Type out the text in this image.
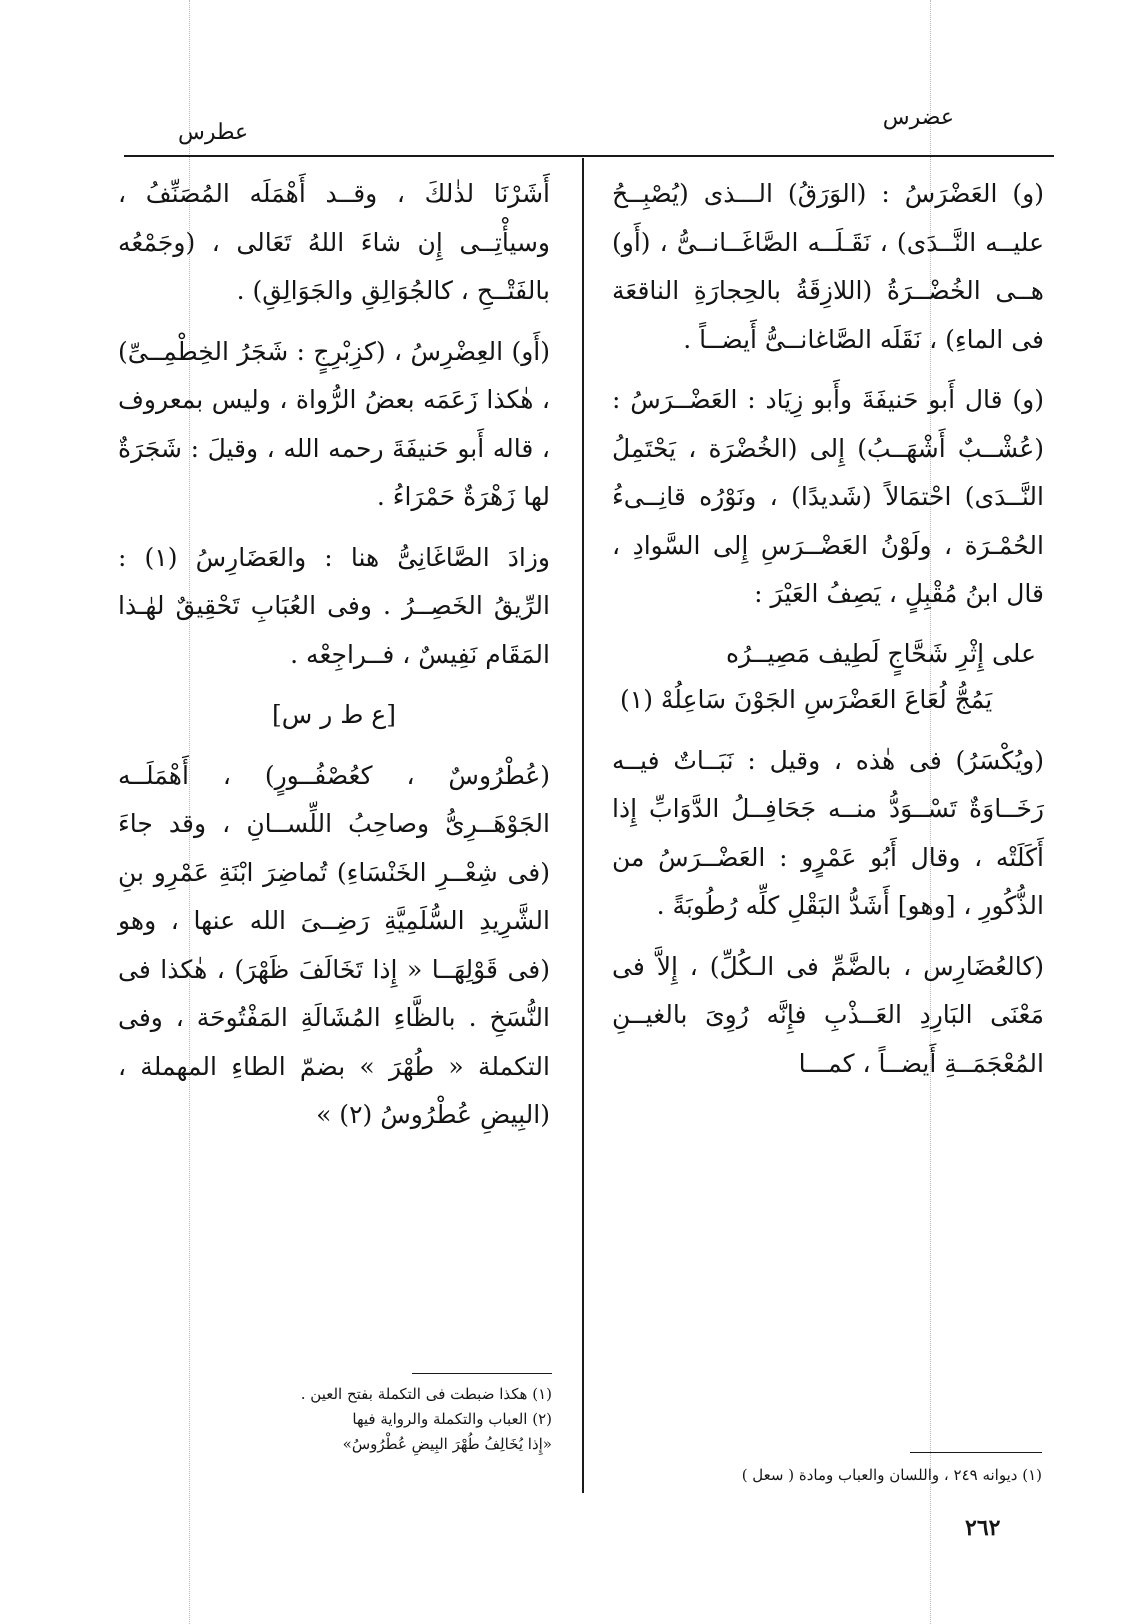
عضرس
عطرس

(و) العَضْرَسُ : (الوَرَقُ) الـــذى (يُصْبِــحُ عليــه النَّــدَى) ، نَقَـلَــه الصَّاغَــانــىُّ ، (أَو) هــى الخُضْــرَةُ (اللازِقَةُ بالحِجارَةِ الناقعَة فى الماءِ) ، نَقَلَه الصَّاغانــىُّ أَيضــاً .

(و) قال أَبو حَنيفَةَ وأَبو زِيَاد : العَضْــرَسُ : (عُشْــبٌ أَشْهَــبُ) إِلى (الخُضْرَة ، يَحْتَمِلُ النَّــدَى) احْتمَالاً (شَديدًا) ، ونَوْرُه قانِــىءُ الحُمْـرَة ، ولَوْنُ العَضْــرَسِ إِلى السَّوادِ ، قال ابنُ مُقْبِلٍ ، يَصِفُ العَيْرَ :

على إِثْرِ شَحَّاجٍ لَطِيف مَصِيــرُه

يَمُجُّ لُعَاعَ العَضْرَسِ الجَوْنَ سَاعِلُهْ (١)

(ويُكْسَرُ) فى هٰذه ، وقيل : نَبَــاتٌ فيــه رَخَــاوَةٌ تَسْــوَدُّ منــه جَحَافِــلُ الدَّوَابِّ إِذا أَكَلَتْه ، وقال أَبُو عَمْرٍو : العَضْــرَسُ من الذُّكُورِ ، [وهو] أَشَدُّ البَقْلِ كلِّه رُطُوبَةً .

(كالعُضَارِس ، بالضَّمِّ فى الـكُلِّ) ، إِلاَّ فى مَعْنَى البَارِدِ العَــذْبِ فإِنَّه رُوِىَ بالغيــنِ المُعْجَمَــةِ أَيضــاً ، كمـــا

(١) ديوانه ٢٤٩ ، واللسان والعباب ومادة ( سعل )

أَشَرْنَا لذٰلكَ ، وقــد أَهْمَلَه المُصَنِّفُ ، وسيأْتِــى إِن شاءَ اللهُ تَعَالى ، (وجَمْعُه بالفَتْــحِ ، كالجُوَالِقِ والجَوَالِقِ) .

(أَو) العِضْرِسُ ، (كزِبْرِجٍ : شَجَرُ الخِطْمِــىِّ) ، هٰكذا زَعَمَه بعضُ الرُّواة ، وليس بمعروف ، قاله أَبو حَنيفَةَ رحمه الله ، وقيلَ : شَجَرَةٌ لها زَهْرَةٌ حَمْرَاءُ .

وزادَ الصَّاغَانِىُّ هنا : والعَضَارِسُ (١) : الرِّيقُ الخَصِــرُ . وفى العُبَابِ تَحْقِيقٌ لهٰـذا المَقَام نَفِيسٌ ، فــراجِعْه .

[ع ط ر س]

(عُطْرُوسٌ ، كعُصْفُــورٍ) ، أَهْمَلَــه الجَوْهَــرِىُّ وصاحِبُ اللِّســانِ ، وقد جاءَ (فى شِعْــرِ الخَنْسَاءِ) تُماضِرَ ابْنَةِ عَمْرِو بنِ الشَّرِيدِ السُّلَمِيَّةِ رَضِــىَ الله عنها ، وهو (فى قَوْلِهَــا « إِذا تَخَالَفَ ظَهْرَ) ، هٰكذا فى النُّسَخِ . بالظَّاءِ المُشَالَةِ المَفْتُوحَة ، وفى التكملة « طُهْرَ » بضمّ الطاءِ المهملة ، (البِيضِ عُطْرُوسُ (٢) »

(١) هكذا ضبطت فى التكملة بفتح العين .
(٢) العباب والتكملة والرواية فيها
«إِذا يُخَالِفُ طُهْرَ البِيضِ عُطْرُوسُ»
٢٦٢
